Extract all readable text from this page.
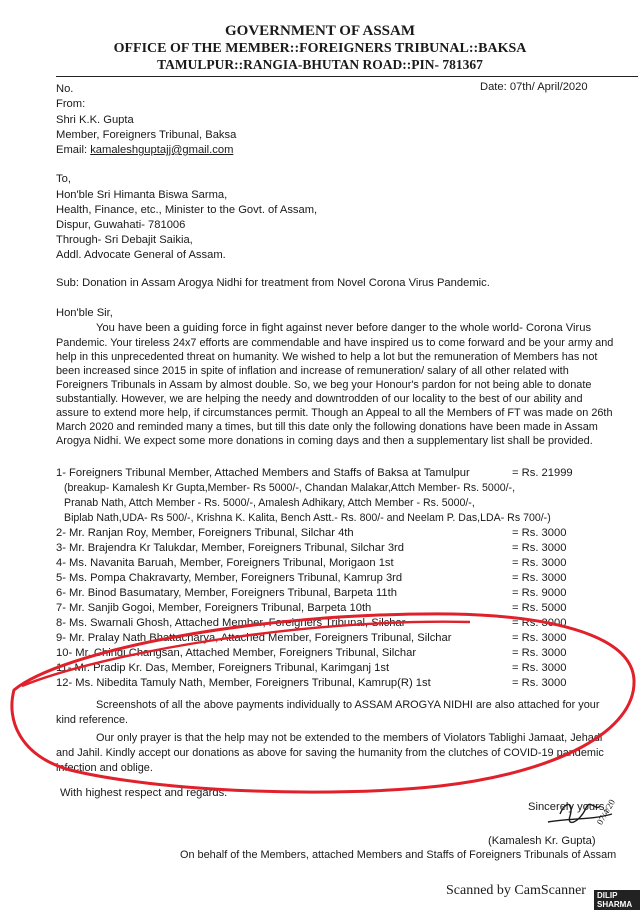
GOVERNMENT OF ASSAM
OFFICE OF THE MEMBER::FOREIGNERS TRIBUNAL::BAKSA
TAMULPUR::RANGIA-BHUTAN ROAD::PIN- 781367
No.	Date: 07th/ April/2020
From:
Shri K.K. Gupta
Member, Foreigners Tribunal, Baksa
Email: kamaleshguptajj@gmail.com
To,
Hon'ble Sri Himanta Biswa Sarma,
Health, Finance, etc., Minister to the Govt. of Assam,
Dispur, Guwahati- 781006
Through- Sri Debajit Saikia,
Addl. Advocate General of Assam.
Sub: Donation in Assam Arogya Nidhi for treatment from Novel Corona Virus Pandemic.
Hon'ble Sir,
You have been a guiding force in fight against never before danger to the whole world- Corona Virus
Pandemic. Your tireless 24x7 efforts are commendable and have inspired us to come forward and be your army and
help in this unprecedented threat on humanity. We wished to help a lot but the remuneration of Members has not
been increased since 2015 in spite of inflation and increase of remuneration/ salary of all other related with
Foreigners Tribunals in Assam by almost double. So, we beg your Honour's pardon for not being able to donate
substantially. However, we are helping the needy and downtrodden of our locality to the best of our ability and
assure to extend more help, if circumstances permit. Though an Appeal to all the Members of FT was made on 26th
March 2020 and reminded many a times, but till this date only the following donations have been made in Assam
Arogya Nidhi. We expect some more donations in coming days and then a supplementary list shall be provided.
1- Foreigners Tribunal Member, Attached Members and Staffs of Baksa at Tamulpur	= Rs. 21999
(breakup- Kamalesh Kr Gupta,Member- Rs 5000/-, Chandan Malakar,Attch Member- Rs. 5000/-,
Pranab Nath, Attch Member - Rs. 5000/-, Amalesh Adhikary, Attch Member - Rs. 5000/-,
Biplab Nath,UDA- Rs 500/-, Krishna K. Kalita, Bench Astt.- Rs. 800/- and Neelam P. Das,LDA- Rs 700/-)
2- Mr. Ranjan Roy, Member, Foreigners Tribunal, Silchar 4th	= Rs. 3000
3- Mr. Brajendra Kr Talukdar, Member, Foreigners Tribunal, Silchar 3rd	= Rs. 3000
4- Ms. Navanita Baruah, Member, Foreigners Tribunal, Morigaon 1st	= Rs. 3000
5- Ms. Pompa Chakravarty, Member, Foreigners Tribunal, Kamrup 3rd	= Rs. 3000
6- Mr. Binod Basumatary, Member, Foreigners Tribunal, Barpeta 11th	= Rs. 9000
7- Mr. Sanjib Gogoi, Member, Foreigners Tribunal, Barpeta 10th	= Rs. 5000
8- Ms. Swarnali Ghosh, Attached Member, Foreigners Tribunal, Silchar	= Rs. 3000
9- Mr. Pralay Nath Bhattacharya, Attached Member, Foreigners Tribunal, Silchar	= Rs. 3000
10- Mr. Chingi Changsan, Attached Member, Foreigners Tribunal, Silchar	= Rs. 3000
11- Mr. Pradip Kr. Das, Member, Foreigners Tribunal, Karimganj 1st	= Rs. 3000
12- Ms. Nibedita Tamuly Nath, Member, Foreigners Tribunal, Kamrup(R) 1st	= Rs. 3000
Screenshots of all the above payments individually to ASSAM AROGYA NIDHI are also attached for your
kind reference.
Our only prayer is that the help may not be extended to the members of Violators Tablighi Jamaat, Jehadi
and Jahil. Kindly accept our donations as above for saving the humanity from the clutches of COVID-19 pandemic
infection and oblige.
With highest respect and regards.
Sincerely yours,
(Kamalesh Kr. Gupta)
On behalf of the Members, attached Members and Staffs of Foreigners Tribunals of Assam
Scanned by CamScanner	DILIP SHARMA
07/4/20
